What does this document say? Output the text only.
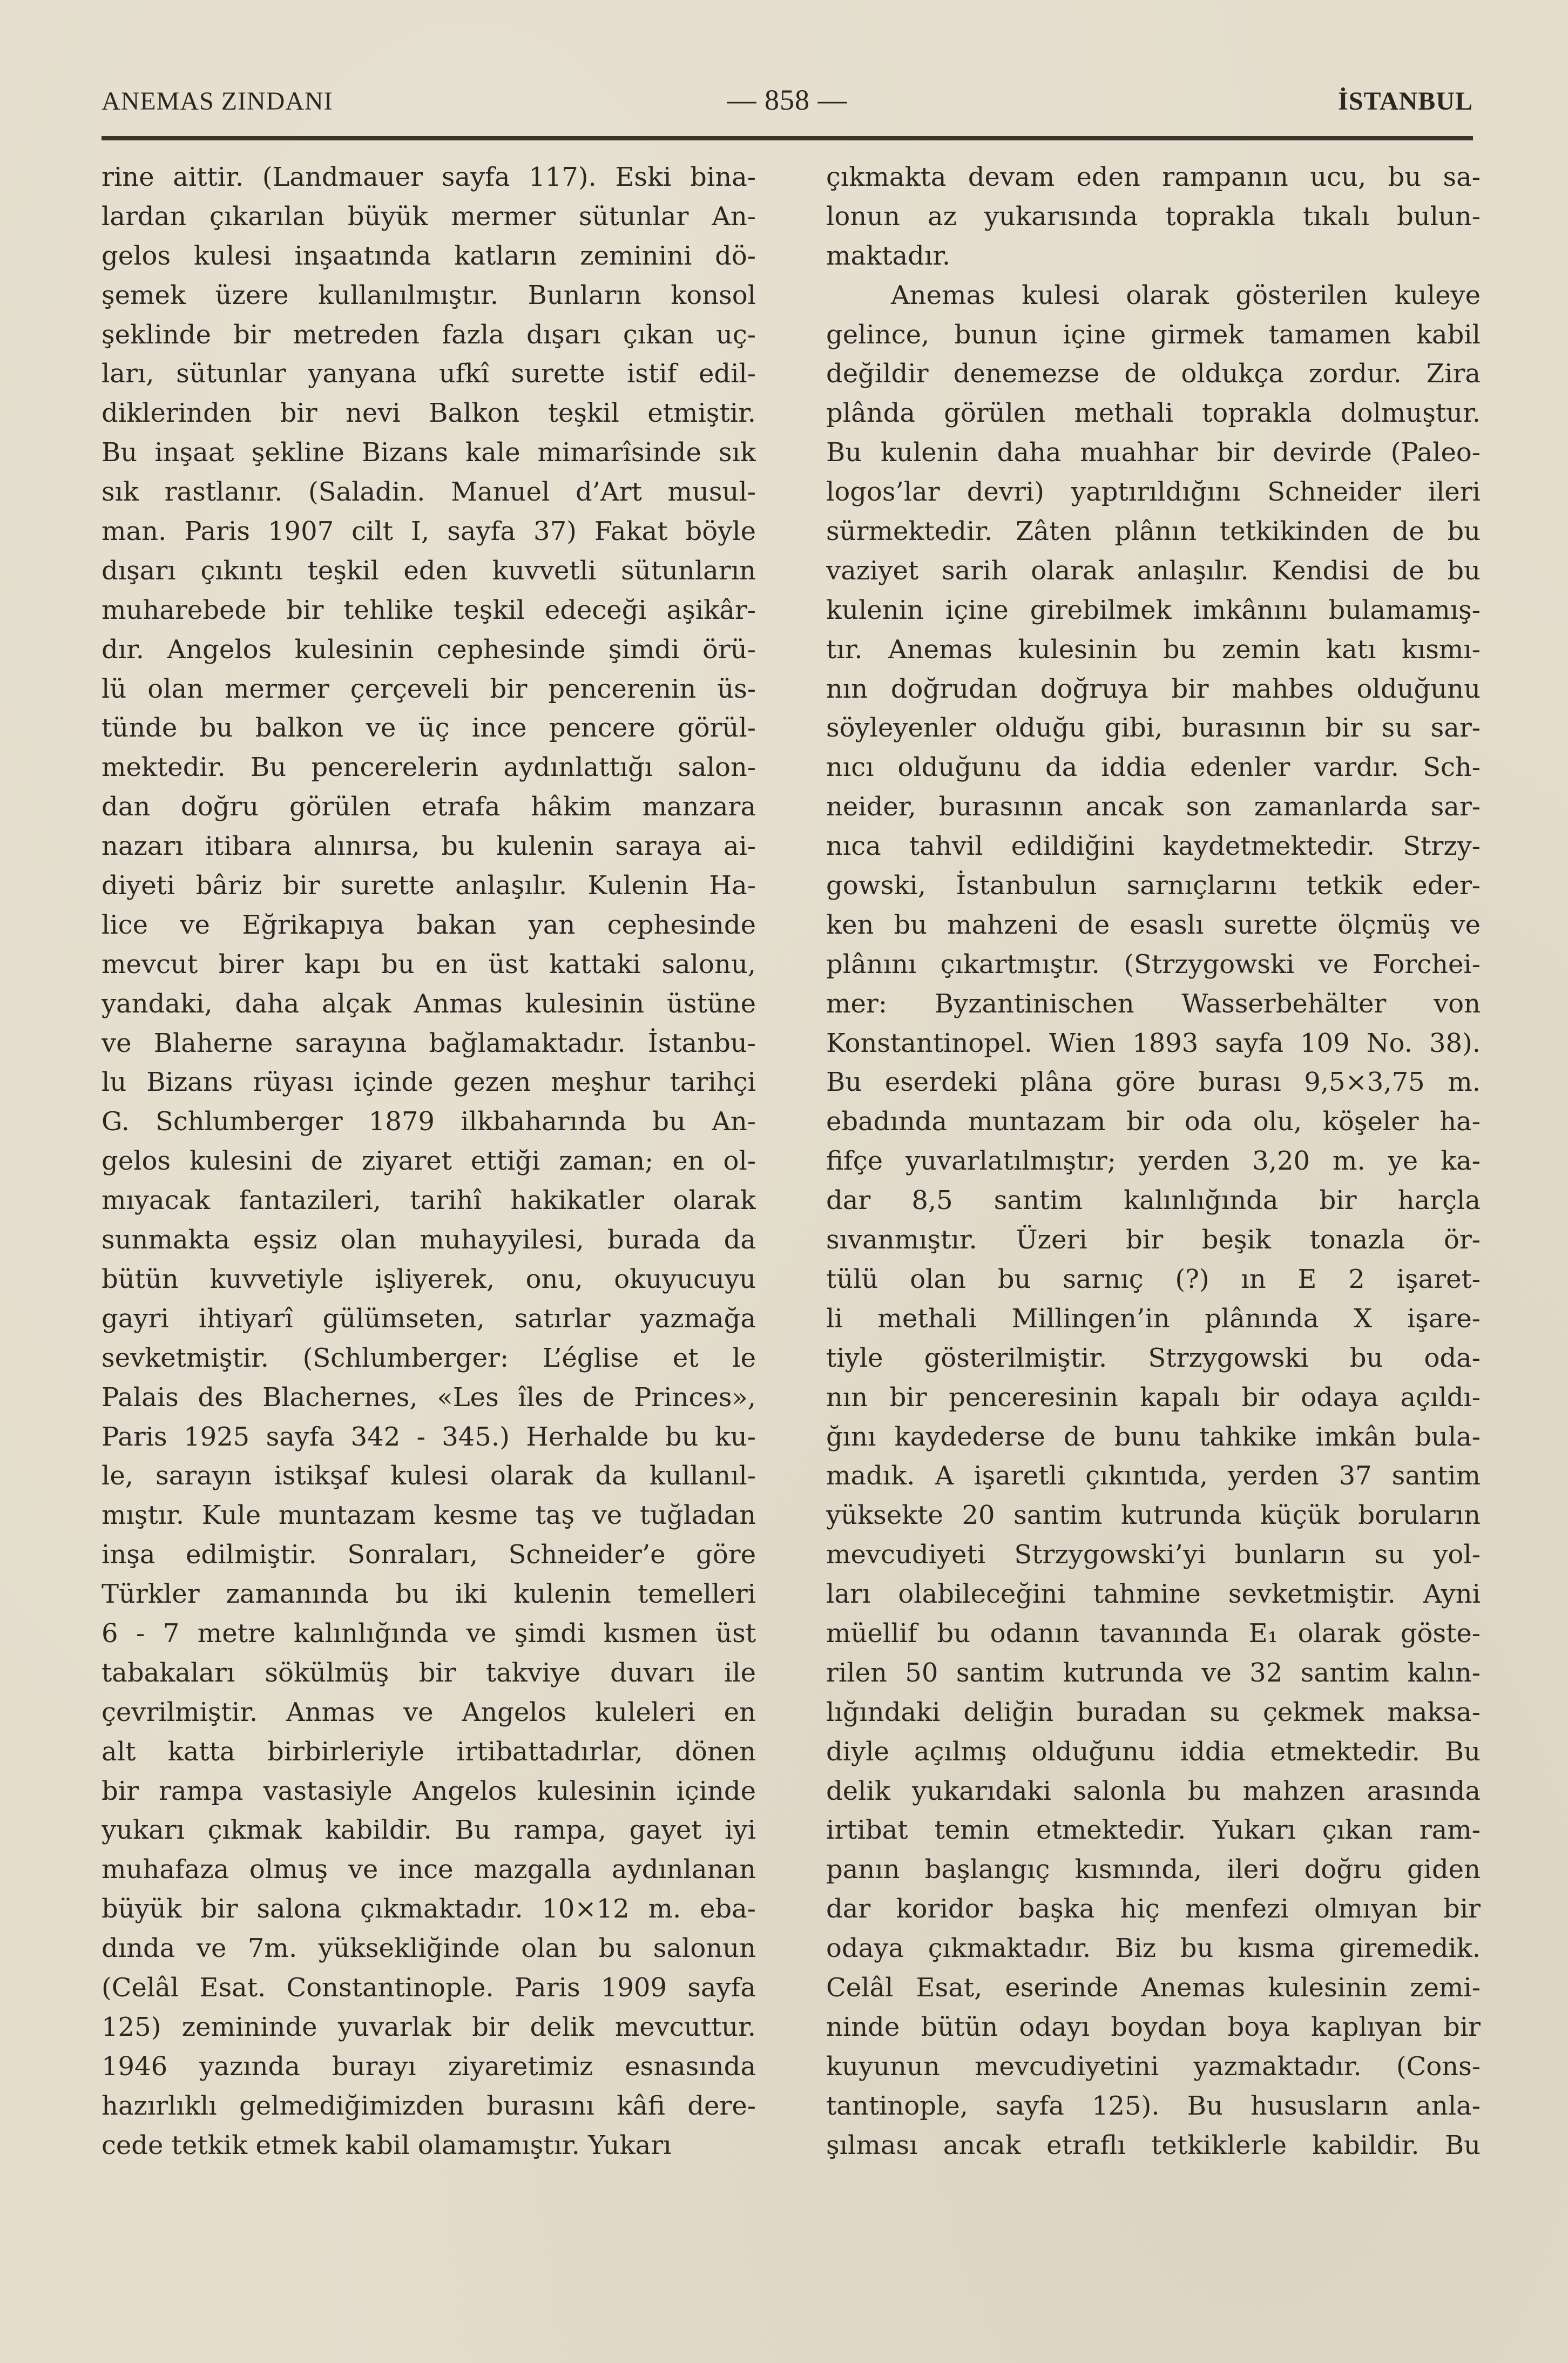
ANEMAS ZINDANI	— 858 —	İSTANBUL
rine aittir. (Landmauer sayfa 117). Eski bina-
lardan çıkarılan büyük mermer sütunlar An-
gelos kulesi inşaatında katların zeminini dö-
şemek üzere kullanılmıştır. Bunların konsol
şeklinde bir metreden fazla dışarı çıkan uç-
ları, sütunlar yanyana ufkî surette istif edil-
diklerinden bir nevi Balkon teşkil etmiştir.
Bu inşaat şekline Bizans kale mimarîsinde sık
sık rastlanır. (Saladin. Manuel d’Art musul-
man. Paris 1907 cilt I, sayfa 37) Fakat böyle
dışarı çıkıntı teşkil eden kuvvetli sütunların
muharebede bir tehlike teşkil edeceği aşikâr-
dır. Angelos kulesinin cephesinde şimdi örü-
lü olan mermer çerçeveli bir pencerenin üs-
tünde bu balkon ve üç ince pencere görül-
mektedir. Bu pencerelerin aydınlattığı salon-
dan doğru görülen etrafa hâkim manzara
nazarı itibara alınırsa, bu kulenin saraya ai-
diyeti bâriz bir surette anlaşılır. Kulenin Ha-
lice ve Eğrikapıya bakan yan cephesinde
mevcut birer kapı bu en üst kattaki salonu,
yandaki, daha alçak Anmas kulesinin üstüne
ve Blaherne sarayına bağlamaktadır. İstanbu-
lu Bizans rüyası içinde gezen meşhur tarihçi
G. Schlumberger 1879 ilkbaharında bu An-
gelos kulesini de ziyaret ettiği zaman; en ol-
mıyacak fantazileri, tarihî hakikatler olarak
sunmakta eşsiz olan muhayyilesi, burada da
bütün kuvvetiyle işliyerek, onu, okuyucuyu
gayri ihtiyarî gülümseten, satırlar yazmağa
sevketmiştir. (Schlumberger: L’église et le
Palais des Blachernes, «Les îles de Princes»,
Paris 1925 sayfa 342 - 345.) Herhalde bu ku-
le, sarayın istikşaf kulesi olarak da kullanıl-
mıştır. Kule muntazam kesme taş ve tuğladan
inşa edilmiştir. Sonraları, Schneider’e göre
Türkler zamanında bu iki kulenin temelleri
6 - 7 metre kalınlığında ve şimdi kısmen üst
tabakaları sökülmüş bir takviye duvarı ile
çevrilmiştir. Anmas ve Angelos kuleleri en
alt katta birbirleriyle irtibattadırlar, dönen
bir rampa vastasiyle Angelos kulesinin içinde
yukarı çıkmak kabildir. Bu rampa, gayet iyi
muhafaza olmuş ve ince mazgalla aydınlanan
büyük bir salona çıkmaktadır. 10×12 m. eba-
dında ve 7m. yüksekliğinde olan bu salonun
(Celâl Esat. Constantinople. Paris 1909 sayfa
125) zemininde yuvarlak bir delik mevcuttur.
1946 yazında burayı ziyaretimiz esnasında
hazırlıklı gelmediğimizden burasını kâfi dere-
cede tetkik etmek kabil olamamıştır. Yukarı
çıkmakta devam eden rampanın ucu, bu sa-
lonun az yukarısında toprakla tıkalı bulun-
maktadır.
Anemas kulesi olarak gösterilen kuleye
gelince, bunun içine girmek tamamen kabil
değildir denemezse de oldukça zordur. Zira
plânda görülen methali toprakla dolmuştur.
Bu kulenin daha muahhar bir devirde (Paleo-
logos’lar devri) yaptırıldığını Schneider ileri
sürmektedir. Zâten plânın tetkikinden de bu
vaziyet sarih olarak anlaşılır. Kendisi de bu
kulenin içine girebilmek imkânını bulamamış-
tır. Anemas kulesinin bu zemin katı kısmı-
nın doğrudan doğruya bir mahbes olduğunu
söyleyenler olduğu gibi, burasının bir su sar-
nıcı olduğunu da iddia edenler vardır. Sch-
neider, burasının ancak son zamanlarda sar-
nıca tahvil edildiğini kaydetmektedir. Strzy-
gowski, İstanbulun sarnıçlarını tetkik eder-
ken bu mahzeni de esaslı surette ölçmüş ve
plânını çıkartmıştır. (Strzygowski ve Forchei-
mer: Byzantinischen Wasserbehälter von
Konstantinopel. Wien 1893 sayfa 109 No. 38).
Bu eserdeki plâna göre burası 9,5×3,75 m.
ebadında muntazam bir oda olu, köşeler ha-
fifçe yuvarlatılmıştır; yerden 3,20 m. ye ka-
dar 8,5 santim kalınlığında bir harçla
sıvanmıştır. Üzeri bir beşik tonazla ör-
tülü olan bu sarnıç (?) ın E 2 işaret-
li methali Millingen’in plânında X işare-
tiyle gösterilmiştir. Strzygowski bu oda-
nın bir penceresinin kapalı bir odaya açıldı-
ğını kaydederse de bunu tahkike imkân bula-
madık. A işaretli çıkıntıda, yerden 37 santim
yüksekte 20 santim kutrunda küçük boruların
mevcudiyeti Strzygowski’yi bunların su yol-
ları olabileceğini tahmine sevketmiştir. Ayni
müellif bu odanın tavanında E₁ olarak göste-
rilen 50 santim kutrunda ve 32 santim kalın-
lığındaki deliğin buradan su çekmek maksa-
diyle açılmış olduğunu iddia etmektedir. Bu
delik yukarıdaki salonla bu mahzen arasında
irtibat temin etmektedir. Yukarı çıkan ram-
panın başlangıç kısmında, ileri doğru giden
dar koridor başka hiç menfezi olmıyan bir
odaya çıkmaktadır. Biz bu kısma giremedik.
Celâl Esat, eserinde Anemas kulesinin zemi-
ninde bütün odayı boydan boya kaplıyan bir
kuyunun mevcudiyetini yazmaktadır. (Cons-
tantinople, sayfa 125). Bu hususların anla-
şılması ancak etraflı tetkiklerle kabildir. Bu
